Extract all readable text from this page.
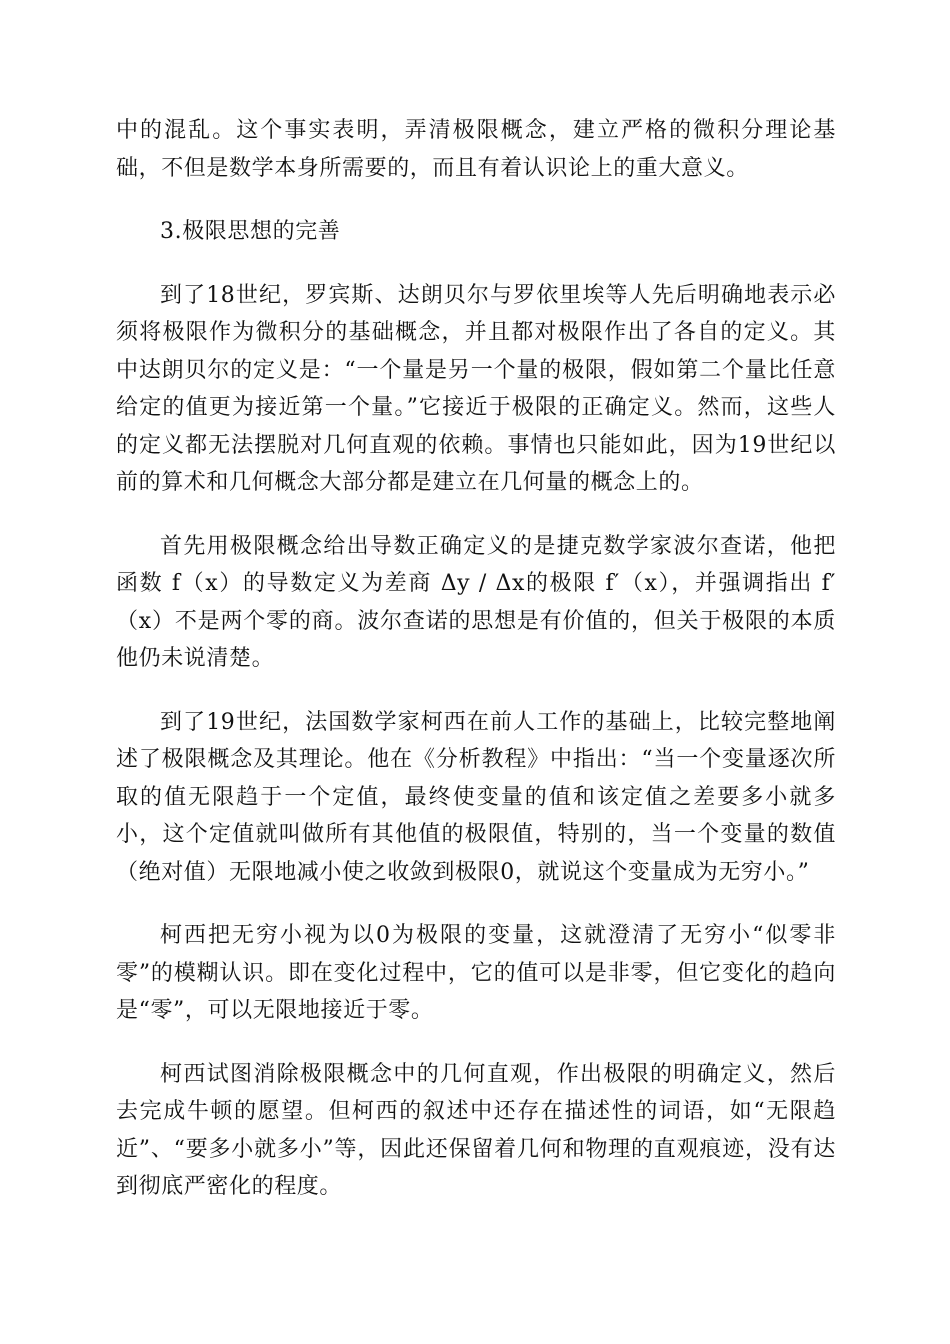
中的混乱。这个事实表明，弄清极限概念，建立严格的微积分理论基础，不但是数学本身所需要的，而且有着认识论上的重大意义。

3.极限思想的完善

到了18世纪，罗宾斯、达朗贝尔与罗依里埃等人先后明确地表示必须将极限作为微积分的基础概念，并且都对极限作出了各自的定义。其中达朗贝尔的定义是：“一个量是另一个量的极限，假如第二个量比任意给定的值更为接近第一个量。”它接近于极限的正确定义。然而，这些人的定义都无法摆脱对几何直观的依赖。事情也只能如此，因为19世纪以前的算术和几何概念大部分都是建立在几何量的概念上的。

首先用极限概念给出导数正确定义的是捷克数学家波尔查诺，他把函数 f（x）的导数定义为差商 Δy / Δx的极限 f′（x），并强调指出 f′（x）不是两个零的商。波尔查诺的思想是有价值的，但关于极限的本质他仍未说清楚。

到了19世纪，法国数学家柯西在前人工作的基础上，比较完整地阐述了极限概念及其理论。他在《分析教程》中指出：“当一个变量逐次所取的值无限趋于一个定值，最终使变量的值和该定值之差要多小就多小，这个定值就叫做所有其他值的极限值，特别的，当一个变量的数值（绝对值）无限地减小使之收敛到极限0，就说这个变量成为无穷小。”

柯西把无穷小视为以0为极限的变量，这就澄清了无穷小“似零非零”的模糊认识。即在变化过程中，它的值可以是非零，但它变化的趋向是“零”，可以无限地接近于零。

柯西试图消除极限概念中的几何直观，作出极限的明确定义，然后去完成牛顿的愿望。但柯西的叙述中还存在描述性的词语，如“无限趋近”、“要多小就多小”等，因此还保留着几何和物理的直观痕迹，没有达到彻底严密化的程度。
